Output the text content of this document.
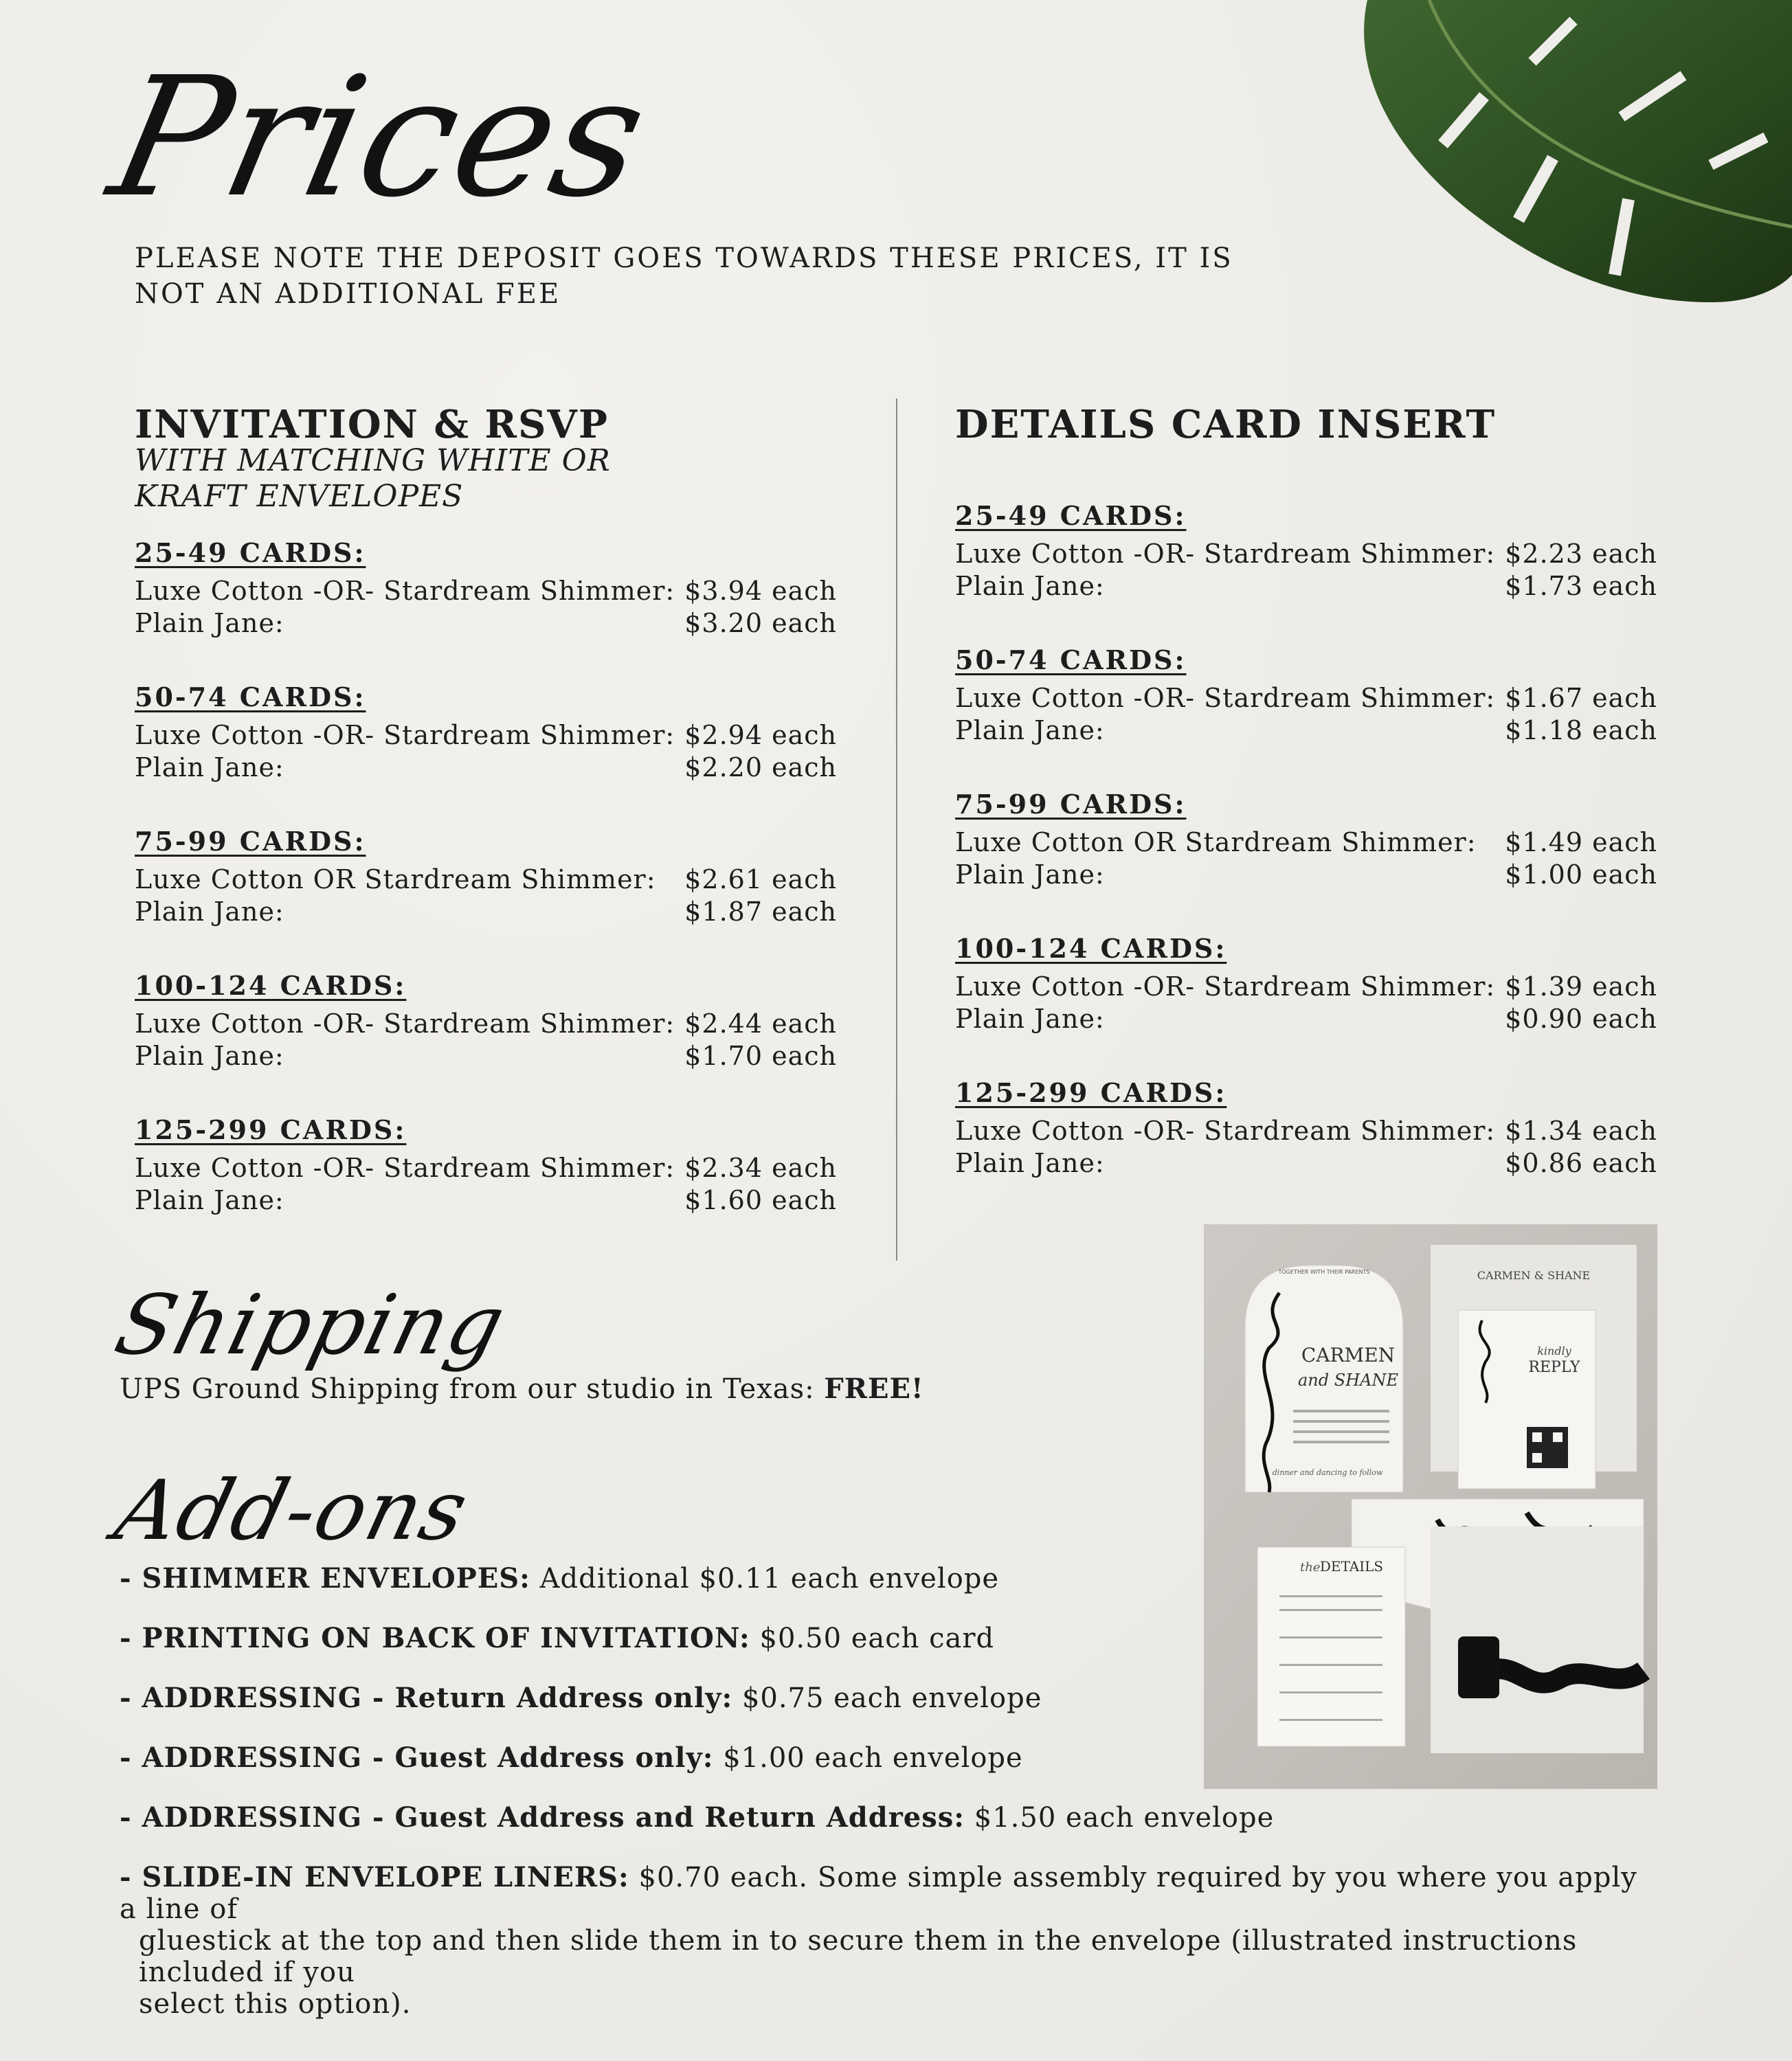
Prices
PLEASE NOTE THE DEPOSIT GOES TOWARDS THESE PRICES, IT IS NOT AN ADDITIONAL FEE
INVITATION & RSVP
WITH MATCHING WHITE OR
KRAFT ENVELOPES
25-49 CARDS:
Luxe Cotton -OR- Stardream Shimmer: $3.94 each
Plain Jane:	$3.20 each
50-74 CARDS:
Luxe Cotton -OR- Stardream Shimmer: $2.94 each
Plain Jane:	$2.20 each
75-99 CARDS:
Luxe Cotton OR Stardream Shimmer: $2.61 each
Plain Jane:	$1.87 each
100-124 CARDS:
Luxe Cotton -OR- Stardream Shimmer: $2.44 each
Plain Jane:	$1.70 each
125-299 CARDS:
Luxe Cotton -OR- Stardream Shimmer: $2.34 each
Plain Jane:	$1.60 each
DETAILS CARD INSERT
25-49 CARDS:
Luxe Cotton -OR- Stardream Shimmer: $2.23 each
Plain Jane:	$1.73 each
50-74 CARDS:
Luxe Cotton -OR- Stardream Shimmer: $1.67 each
Plain Jane:	$1.18 each
75-99 CARDS:
Luxe Cotton OR Stardream Shimmer: $1.49 each
Plain Jane:	$1.00 each
100-124 CARDS:
Luxe Cotton -OR- Stardream Shimmer: $1.39 each
Plain Jane:	$0.90 each
125-299 CARDS:
Luxe Cotton -OR- Stardream Shimmer: $1.34 each
Plain Jane:	$0.86 each
Shipping
UPS Ground Shipping from our studio in Texas: FREE!
Add-ons
- SHIMMER ENVELOPES: Additional $0.11 each envelope
- PRINTING ON BACK OF INVITATION: $0.50 each card
- ADDRESSING - Return Address only: $0.75 each envelope
- ADDRESSING - Guest Address only: $1.00 each envelope
- ADDRESSING - Guest Address and Return Address: $1.50 each envelope
- SLIDE-IN ENVELOPE LINERS: $0.70 each. Some simple assembly required by you where you apply a line of
gluestick at the top and then slide them in to secure them in the envelope (illustrated instructions included if you
select this option).
CARMEN & SHANE
TOGETHER WITH THEIR PARENTS
CARMEN
and SHANE
dinner and dancing to follow
kindly
REPLY
the DETAILS
